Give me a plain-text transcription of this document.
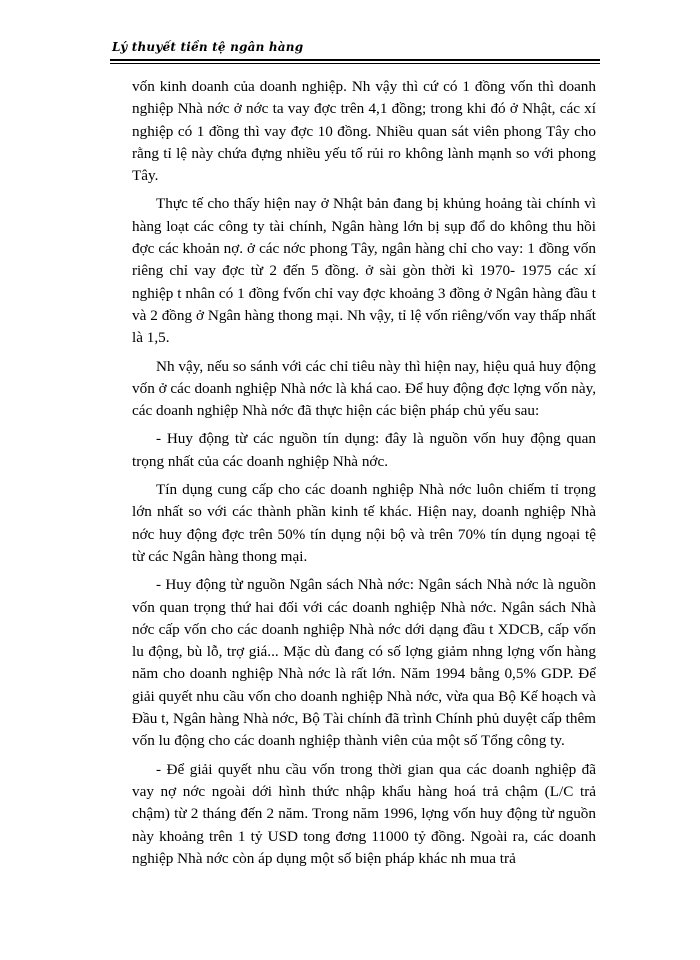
Lý thuyết tiền tệ ngân hàng

vốn kinh doanh của doanh nghiệp. Nh vậy thì cứ có 1 đồng vốn thì doanh nghiệp Nhà nớc ở nớc ta vay đợc trên 4,1 đồng; trong khi đó ở Nhật, các xí nghiệp có 1 đồng thì vay đợc 10 đồng. Nhiều quan sát viên phong Tây cho rằng tỉ lệ này chứa đựng nhiều yếu tố rủi ro không lành mạnh so với phong Tây.

Thực tế cho thấy hiện nay ở Nhật bản đang bị khủng hoảng tài chính vì hàng loạt các công ty tài chính, Ngân hàng lớn bị sụp đổ do không thu hồi đợc các khoản nợ. ở các nớc phong Tây, ngân hàng chỉ cho vay: 1 đồng vốn riêng chỉ vay đợc từ 2 đến 5 đồng. ở sài gòn thời kì 1970- 1975 các xí nghiệp t nhân có 1 đồng fvốn chỉ vay đợc khoảng 3 đồng ở Ngân hàng đầu t và 2 đồng ở Ngân hàng thong mại. Nh vậy, tỉ lệ vốn riêng/vốn vay thấp nhất là 1,5.

Nh vậy, nếu so sánh với các chỉ tiêu này thì hiện nay, hiệu quả huy động vốn ở các doanh nghiệp Nhà nớc là khá cao. Để huy động đợc lợng vốn này, các doanh nghiệp Nhà nớc đã thực hiện các biện pháp chủ yếu sau:

- Huy động từ các nguồn tín dụng: đây là nguồn vốn huy động quan trọng nhất của các doanh nghiệp Nhà nớc.

Tín dụng cung cấp cho các doanh nghiệp Nhà nớc luôn chiếm tỉ trọng lớn nhất so với các thành phần kinh tế khác. Hiện nay, doanh nghiệp Nhà nớc huy động đợc trên 50% tín dụng nội bộ và trên 70% tín dụng ngoại tệ từ các Ngân hàng thong mại.

- Huy động từ nguồn Ngân sách Nhà nớc: Ngân sách Nhà nớc là nguồn vốn quan trọng thứ hai đối với các doanh nghiệp Nhà nớc. Ngân sách Nhà nớc cấp vốn cho các doanh nghiệp Nhà nớc dới dạng đầu t XDCB, cấp vốn lu động, bù lỗ, trợ giá... Mặc dù đang có số lợng giảm nhng lợng vốn hàng năm cho doanh nghiệp Nhà nớc là rất lớn. Năm 1994 bằng 0,5% GDP. Để giải quyết nhu cầu vốn cho doanh nghiệp Nhà nớc, vừa qua Bộ Kế hoạch và Đầu t, Ngân hàng Nhà nớc, Bộ Tài chính đã trình Chính phủ duyệt cấp thêm vốn lu động cho các doanh nghiệp thành viên của một số Tổng công ty.

- Để giải quyết nhu cầu vốn trong thời gian qua các doanh nghiệp đã vay nợ nớc ngoài dới hình thức nhập khẩu hàng hoá trả chậm (L/C trả chậm) từ 2 tháng đến 2 năm. Trong năm 1996, lợng vốn huy động từ nguồn này khoảng trên 1 tỷ USD tong đơng 11000 tỷ đồng. Ngoài ra, các doanh nghiệp Nhà nớc còn áp dụng một số biện pháp khác nh mua trả
